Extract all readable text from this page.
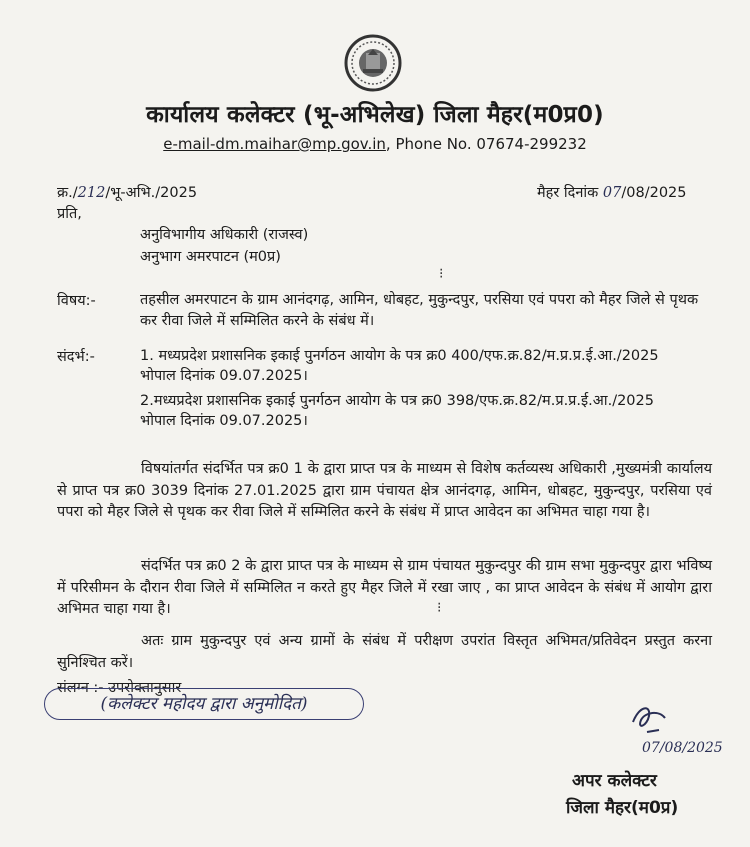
कार्यालय कलेक्टर (भू-अभिलेख) जिला मैहर(म0प्र0)
e-mail-dm.maihar@mp.gov.in, Phone No. 07674-299232
क्र./212/भू-अभि./2025	मैहर दिनांक 07/08/2025
प्रति,
अनुविभागीय अधिकारी (राजस्व)
अनुभाग अमरपाटन (म0प्र)
⁝
विषय:-	तहसील अमरपाटन के ग्राम आनंदगढ़, आमिन, धोबहट, मुकुन्दपुर, परसिया एवं पपरा को मैहर जिले से पृथक कर रीवा जिले में सम्मिलित करने के संबंध में।
संदर्भ:-	1. मध्यप्रदेश प्रशासनिक इकाई पुनर्गठन आयोग के पत्र क्र0 400/एफ.क्र.82/म.प्र.प्र.ई.आ./2025
भोपाल दिनांक 09.07.2025।
2.मध्यप्रदेश प्रशासनिक इकाई पुनर्गठन आयोग के पत्र क्र0 398/एफ.क्र.82/म.प्र.प्र.ई.आ./2025
भोपाल दिनांक 09.07.2025।
विषयांतर्गत संदर्भित पत्र क्र0 1 के द्वारा प्राप्त पत्र के माध्यम से विशेष कर्तव्यस्थ अधिकारी ,मुख्यमंत्री कार्यालय से प्राप्त पत्र क्र0 3039 दिनांक 27.01.2025 द्वारा ग्राम पंचायत क्षेत्र आनंदगढ़, आमिन, धोबहट, मुकुन्दपुर, परसिया एवं पपरा को मैहर जिले से पृथक कर रीवा जिले में सम्मिलित करने के संबंध में प्राप्त आवेदन का अभिमत चाहा गया है।
संदर्भित पत्र क्र0 2 के द्वारा प्राप्त पत्र के माध्यम से ग्राम पंचायत मुकुन्दपुर की ग्राम सभा मुकुन्दपुर द्वारा भविष्य में परिसीमन के दौरान रीवा जिले में सम्मिलित न करते हुए मैहर जिले में रखा जाए , का प्राप्त आवेदन के संबंध में आयोग द्वारा अभिमत चाहा गया है।	⁝
अतः ग्राम मुकुन्दपुर एवं अन्य ग्रामों के संबंध में परीक्षण उपरांत विस्तृत अभिमत/प्रतिवेदन प्रस्तुत करना सुनिश्चित करें।
संलग्न :- उपरोक्तानुसार
(कलेक्टर महोदय द्वारा अनुमोदित)
07/08/2025
अपर कलेक्टर
जिला मैहर(म0प्र)
